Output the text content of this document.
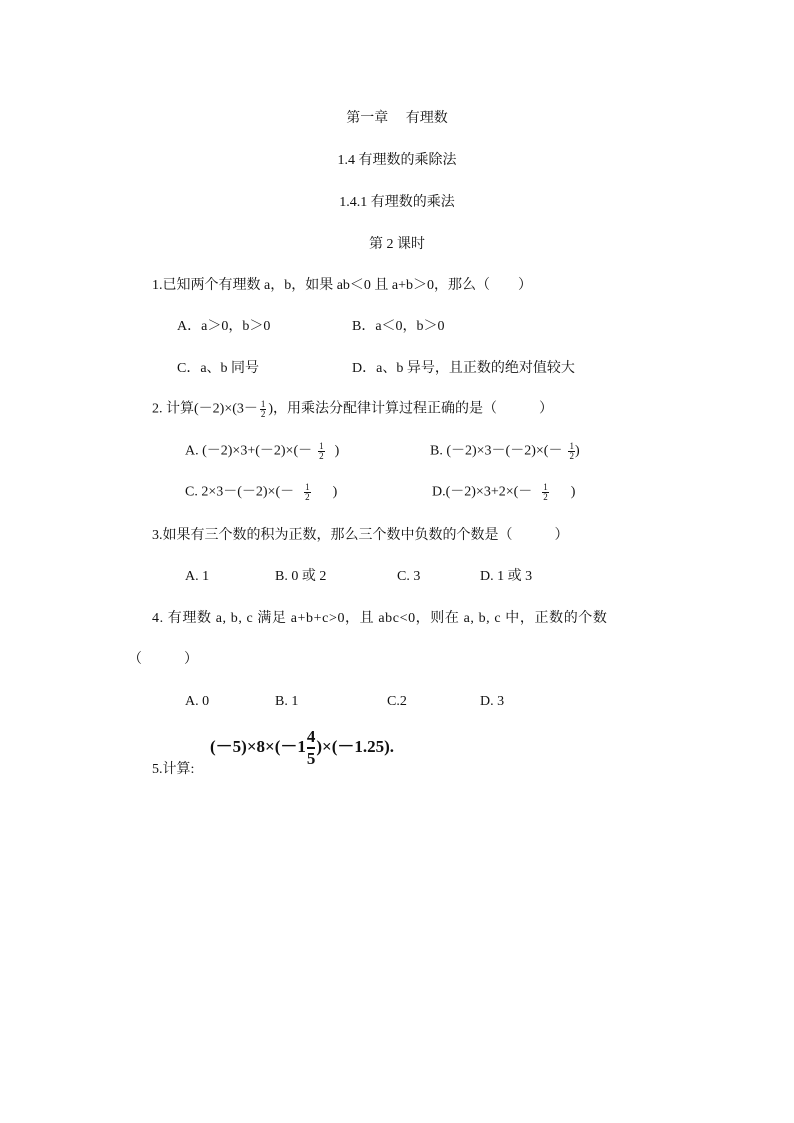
第一章　 有理数
1.4 有理数的乘除法
1.4.1 有理数的乘法
第 2 课时
1.已知两个有理数 a，b，如果 ab＜0 且 a+b＞0，那么（　　）
A．a＞0，b＞0	B．a＜0，b＞0
C．a、b 同号	D．a、b 异号，且正数的绝对值较大
2. 计算$(-2)\times(3- \frac{1}{2}$ )，用乘法分配律计算过程正确的是（　　　）
A. $(-2)\times 3+(-2)\times(- \frac{1}{2}$ )	B. $(-2)\times 3-(-2)\times(- \frac{1}{2}$ )
C. $2\times 3-(-2)\times(- \frac{1}{2}$ )	$D.(-2)\times 3+2\times(- \frac{1}{2}$ )
3.如果有三个数的积为正数，那么三个数中负数的个数是（　　　）
A. 1	B. 0 或 2	C. 3	D. 1 或 3
4. 有理数 a, b, c 满足 a+b+c>0，且 abc<0，则在 a, b, c 中，正数的个数
（　　　）
A. 0	B. 1	C.2	D. 3
$(-5)\times 8\times(-1 \frac{4}{5} )\times(-1.25)$.
5.计算:
